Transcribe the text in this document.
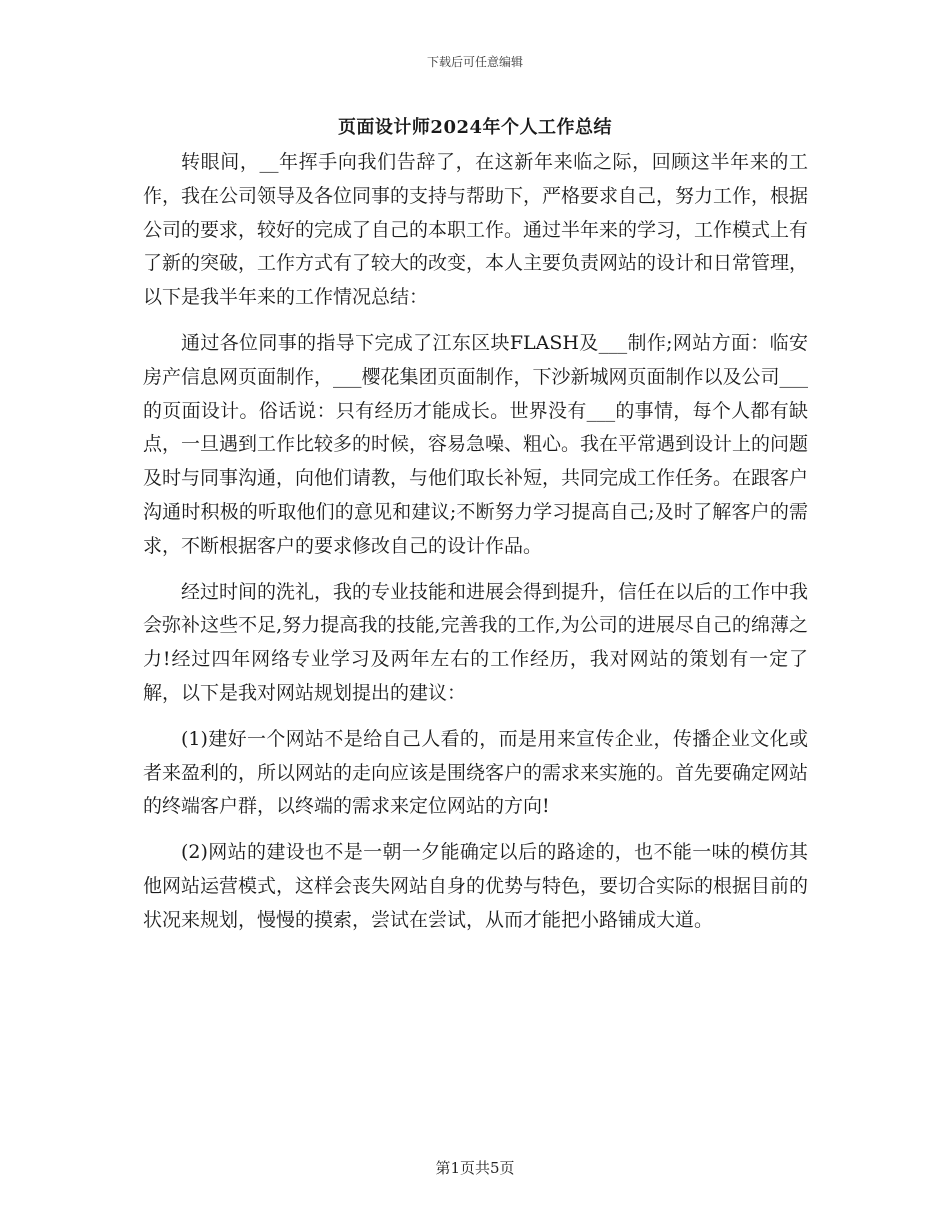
下载后可任意编辑
页面设计师2024年个人工作总结

转眼间，__年挥手向我们告辞了，在这新年来临之际，回顾这半年来的工作，我在公司领导及各位同事的支持与帮助下，严格要求自己，努力工作，根据公司的要求，较好的完成了自己的本职工作。通过半年来的学习，工作模式上有了新的突破，工作方式有了较大的改变，本人主要负责网站的设计和日常管理，以下是我半年来的工作情况总结：

通过各位同事的指导下完成了江东区块FLASH及___制作;网站方面：临安房产信息网页面制作，___樱花集团页面制作，下沙新城网页面制作以及公司___的页面设计。俗话说：只有经历才能成长。世界没有___的事情，每个人都有缺点，一旦遇到工作比较多的时候，容易急噪、粗心。我在平常遇到设计上的问题及时与同事沟通，向他们请教，与他们取长补短，共同完成工作任务。在跟客户沟通时积极的听取他们的意见和建议;不断努力学习提高自己;及时了解客户的需求，不断根据客户的要求修改自己的设计作品。

经过时间的洗礼，我的专业技能和进展会得到提升，信任在以后的工作中我会弥补这些不足,努力提高我的技能,完善我的工作,为公司的进展尽自己的绵薄之力!经过四年网络专业学习及两年左右的工作经历，我对网站的策划有一定了解，以下是我对网站规划提出的建议：

(1)建好一个网站不是给自己人看的，而是用来宣传企业，传播企业文化或者来盈利的，所以网站的走向应该是围绕客户的需求来实施的。首先要确定网站的终端客户群，以终端的需求来定位网站的方向!

(2)网站的建设也不是一朝一夕能确定以后的路途的，也不能一味的模仿其他网站运营模式，这样会丧失网站自身的优势与特色，要切合实际的根据目前的状况来规划，慢慢的摸索，尝试在尝试，从而才能把小路铺成大道。

第1页共5页
